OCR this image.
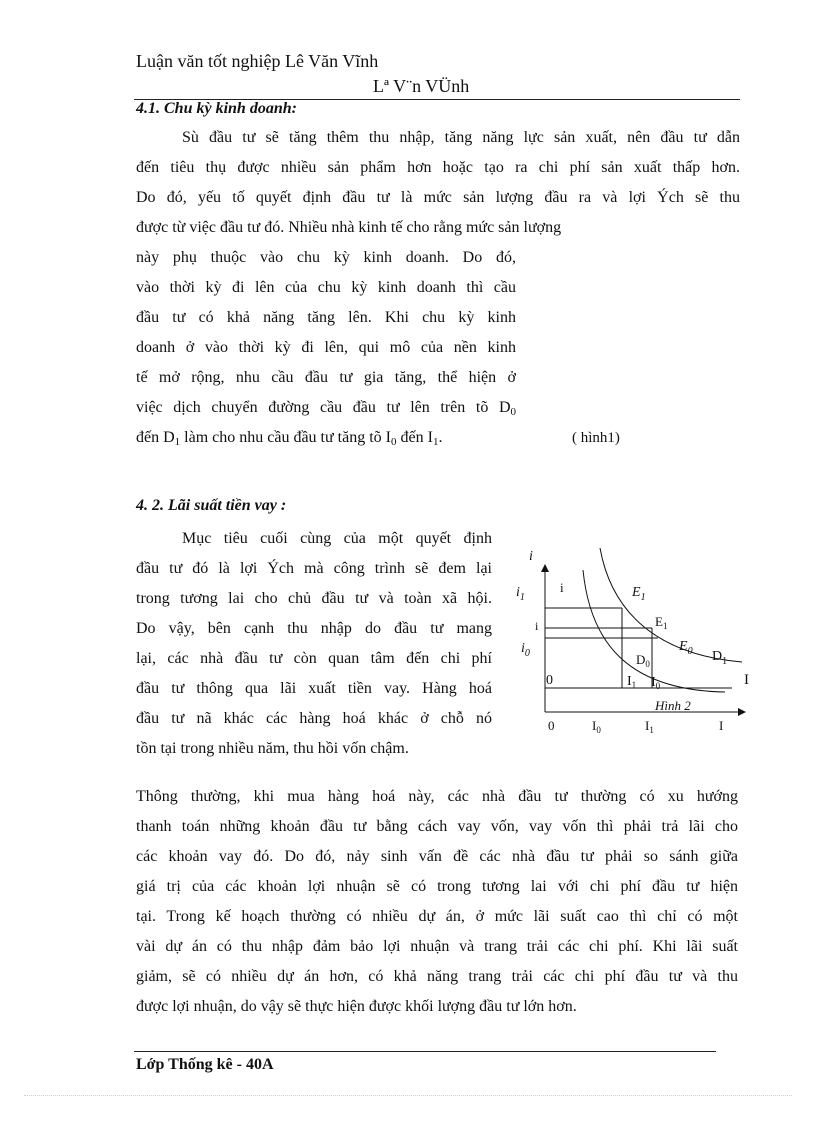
Luận văn tốt nghiệp Lê Văn Vĩnh
Lª V¨n VÜnh
4.1. Chu kỳ kinh doanh:
Sù đầu tư sẽ tăng thêm thu nhập, tăng năng lực sản xuất, nên đầu tư dẫn
đến tiêu thụ được nhiều sản phẩm hơn hoặc tạo ra chi phí sản xuất thấp hơn.
Do đó, yếu tố quyết định đầu tư là mức sản lượng đầu ra và lợi Ých sẽ thu
được từ việc đầu tư đó. Nhiều nhà kinh tế cho rằng mức sản lượng
này phụ thuộc vào chu kỳ kinh doanh. Do đó,
vào thời kỳ đi lên của chu kỳ kinh doanh thì cầu
đầu tư có khả năng tăng lên. Khi chu kỳ kinh
doanh ở vào thời kỳ đi lên, qui mô của nền kinh
tế mở rộng, nhu cầu đầu tư gia tăng, thể hiện ở
việc dịch chuyển đường cầu đầu tư lên trên tõ $D_0$
đến $D_1$ làm cho nhu cầu đầu tư tăng tõ $I_0$ đến $I_1$.	( hình1)
4. 2. Lãi suất tiền vay :
Mục tiêu cuối cùng của một quyết định
đầu tư đó là lợi Ých mà công trình sẽ đem lại
trong tương lai cho chủ đầu tư và toàn xã hội.
Do vậy, bên cạnh thu nhập do đầu tư mang
lại, các nhà đầu tư còn quan tâm đến chi phí
đầu tư thông qua lãi xuất tiền vay. Hàng hoá
đầu tư nã khác các hàng hoá khác ở chỗ nó
tồn tại trong nhiều năm, thu hồi vốn chậm.
Thông thường, khi mua hàng hoá này, các nhà đầu tư thường có xu hướng
thanh toán những khoản đầu tư bằng cách vay vốn, vay vốn thì phải trả lãi cho
các khoản vay đó. Do đó, nảy sinh vấn đề các nhà đầu tư phải so sánh giữa
giá trị của các khoản lợi nhuận sẽ có trong tương lai với chi phí đầu tư hiện
tại. Trong kế hoạch thường có nhiều dự án, ở mức lãi suất cao thì chỉ có một
vài dự án có thu nhập đảm bảo lợi nhuận và trang trải các chi phí. Khi lãi suất
giảm, sẽ có nhiều dự án hơn, có khả năng trang trải các chi phí đầu tư và thu
được lợi nhuận, do vậy sẽ thực hiện được khối lượng đầu tư lớn hơn.
i
$i_1$
i
i
$i_0$
$E_1$
$E_1$
$E_0$ $D_1$
$D_0$
0	$I_1$ $I_0$	I
Hình 2
0	$I_0$	$I_1$	I
Lớp Thống kê - 40A
